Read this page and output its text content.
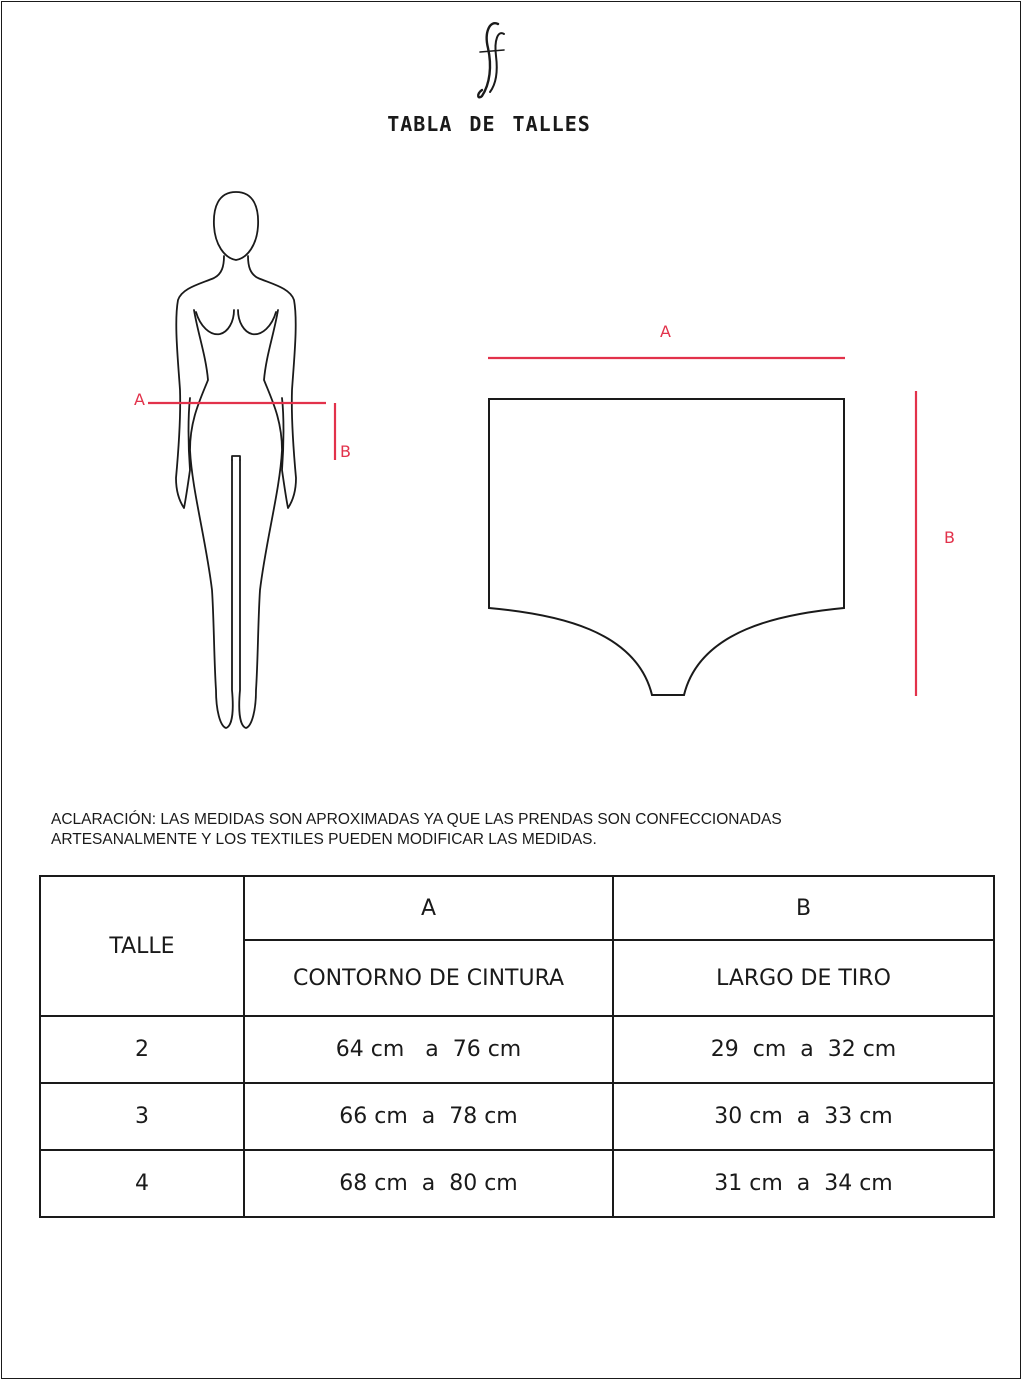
TABLA DE TALLES
A
B
A
B
ACLARACIÓN: LAS MEDIDAS SON APROXIMADAS YA QUE LAS PRENDAS SON CONFECCIONADAS
ARTESANALMENTE Y LOS TEXTILES PUEDEN MODIFICAR LAS MEDIDAS.
TALLE	A	B
	CONTORNO DE CINTURA	LARGO DE TIRO
2	64 cm   a  76 cm	29  cm  a  32 cm
3	66 cm  a  78 cm	30 cm  a  33 cm
4	68 cm  a  80 cm	31 cm  a  34 cm
